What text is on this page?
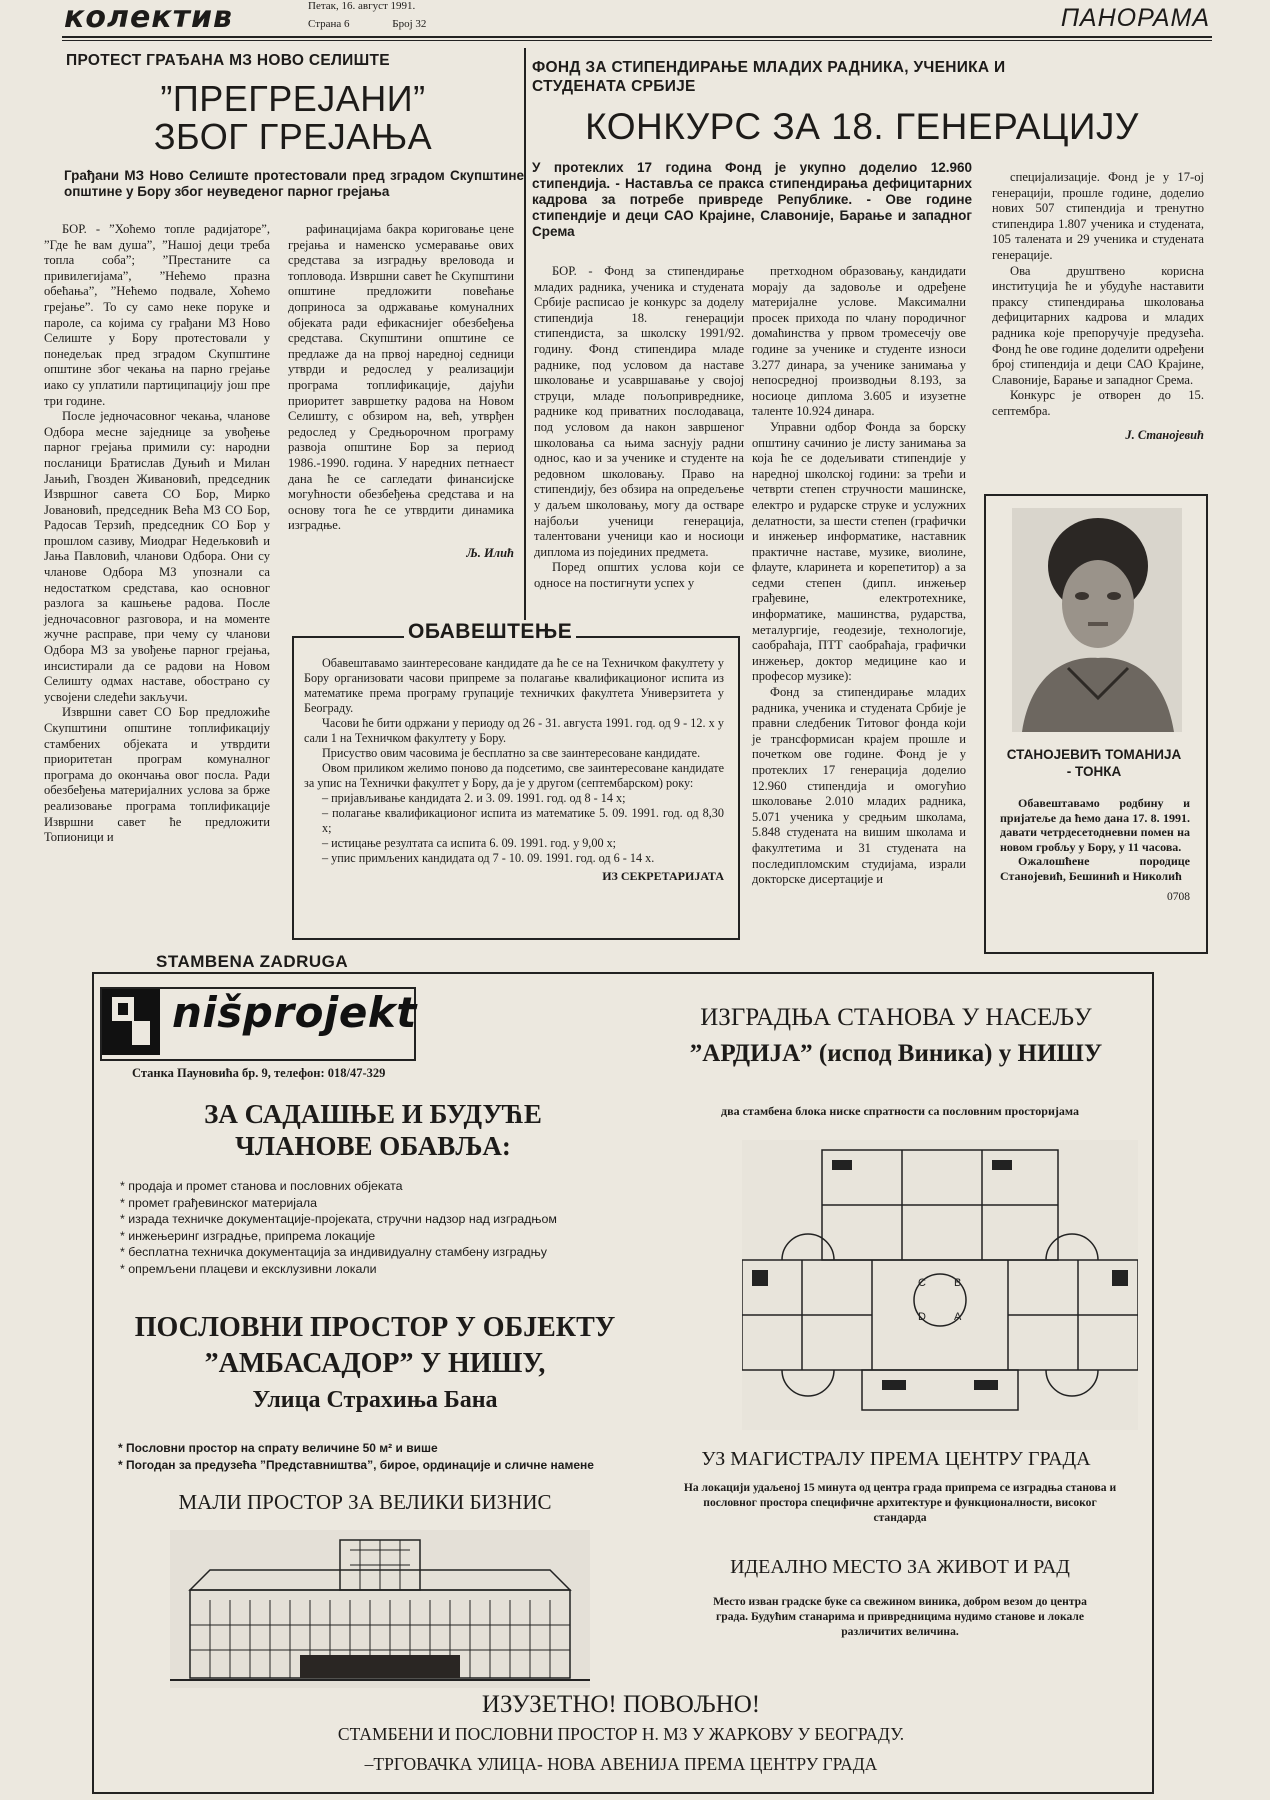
колектив	Петак, 16. август 1991.
Страна 6	Број 32	ПАНОРАМА
ПРОТЕСТ ГРАЂАНА МЗ НОВО СЕЛИШТЕ
”ПРЕГРЕЈАНИ”
ЗБОГ ГРЕЈАЊА
Грађани МЗ Ново Селиште протестовали пред зградом Скупштине општине у Бору због неуведеног парног грејања

БОР. - ”Хоћемо топле радијаторе”, ”Где ће вам душа”, ”Нашој деци треба топла соба”; ”Престаните са привилегијама”, ”Нећемо празна обећања”, ”Нећемо подвале, Хоћемо грејање”. То су само неке поруке и пароле, са којима су грађани МЗ Ново Селиште у Бору протестовали у понедељак пред зградом Скупштине општине због чекања на парно грејање иако су уплатили партиципацију још пре три године.

После једночасовног чекања, члановe Одбора месне заједнице за увођење парног грејања примили су: народни посланици Братислав Дуњић и Милан Јањић, Гвозден Живановић, председник Извршног савета СО Бор, Мирко Јовановић, председник Већа МЗ СО Бор, Радосав Терзић, председник СО Бор у прошлом сазиву, Миодраг Нeдељковић и Јања Павловић, чланови Одбора. Они су чланове Одбора МЗ упознали са недостатком средстава, као основног разлога за кашњење радова. После једночасовног разговора, и на моменте жучне расправе, при чему су чланови Одбора МЗ за увођење парног грејања, инсистирали да се радови на Новом Селишту одмах наставе, обострано су усвојени следећи закључи.

Извршни савет СО Бор предложиће Скупштини општине топлификацију стамбених објеката и утврдити приоритетан програм комуналног програма до окончања овог посла. Ради обезбеђења материјалних услова за брже реализовање програма топлификације Извршни савет ће предложити Топионици и

рафинацијама бакра кориговање цене грејања и наменско усмеравање ових средстава за изградњу вреловода и топловода. Извршни савет ће Скупштини општине предложити повећање доприноса за одржавање комуналних објеката ради ефикаснијег обезбеђења средстава. Скупштини општине се предлаже да на првој наредној седници утврди и редослед у реализацији програма топлификације, дајући приоритет завршетку радова на Новом Селишту, с обзиром на, већ, утврђен редослед у Средњорочном програму развоја општине Бор за период 1986.-1990. година. У наредних петнаест дана ће се сагледати финансијске могућности обезбеђења средстава и на основу тога ће се утврдити динамика изградње.

Љ. Илић
ФОНД ЗА СТИПЕНДИРАЊЕ МЛАДИХ РАДНИКА, УЧЕНИКА И СТУДЕНАТА СРБИЈЕ
КОНКУРС ЗА 18. ГЕНЕРАЦИЈУ
У протеклих 17 година Фонд је укупно доделио 12.960 стипендија. - Наставља се пракса стипендирања дефицитарних кадрова за потребе привреде Републике. - Ове године стипендије и деци САО Крајине, Славоније, Барање и западног Срема

БОР. - Фонд за стипендирање младих радника, ученика и студената Србије расписао је конкурс за доделу стипендија 18. генерацији стипендиста, за школску 1991/92. годину. Фонд стипендира младе раднике, под условом да наставе школовање и усавршавање у својој струци, младе пољопривреднике, раднике код приватних послодаваца, под условом да након завршеног школовања са њима заснују радни однос, као и за ученике и студенте на редовном школовању. Право на стипендију, без обзира на опредељење у даљем школовању, могу да остваре најбољи ученици генерација, талентовани ученици као и носиоци диплома из појединих предмета.

Поред општих услова који се односе на постигнути успех у

претходном образовању, кандидати морају да задовоље и одређене материјалне услове. Максимални просек прихода по члану породичног домаћинства у првом тромесечју ове године за ученике и студенте износи 3.277 динара, за ученике занимања у непосредној производњи 8.193, за носиоце диплома 3.605 и изузетне таленте 10.924 динара.

Управни одбор Фонда за борску општину сачинио је листу занимања за која ће се додељивати стипендије у наредној школској години: за трећи и четврти степен стручности машинске, електро и рударске струке и услужних делатности, за шести степен (графички и инжењер информатике, наставник практичне наставе, музике, виолине, флауте, кларинета и корепетитор) а за седми степен (дипл. инжењер грађевине, електротехнике, информатике, машинства, рударства, металургије, геодезије, технологије, саобраћаја, ПТТ саобраћаја, графички инжењер, доктор медицине као и професор музике):

Фонд за стипендирање младих радника, ученика и студената Србије је правни следбеник Титовог фонда који је трансформисан крајем прошле и почетком ове године. Фонд је у протеклих 17 генерација доделио 12.960 стипендија и омогућио школовање 2.010 младих радника, 5.071 ученика у средњим школама, 5.848 студената на вишим школама и факултетима и 31 студената на последипломским студијама, израли докторске дисертације и

специјализације. Фонд је у 17-ој генерацији, прошле године, доделио нових 507 стипендија и тренутно стипендира 1.807 ученика и студената, 105 талената и 29 ученика и студената генерације.

Ова друштвено корисна институција ће и убудуће наставити праксу стипендирања школовања дефицитарних кадрова и младих радника које препоручује предузећа. Фонд ће ове године доделити одређени број стипендија и деци САО Крајине, Славоније, Барање и западног Срема.

Конкурс је отворен до 15. септембра.

Ј. Станојевић
ОБАВЕШТЕЊЕ

Обавештавамо заинтересоване кандидате да ће се на Техничком факултету у Бору организовати часови припреме за полагање квалификационог испита из математике према програму групације техничких факултета Универзитета у Београду.

Часови ће бити одржани у периоду од 26 - 31. августа 1991. год. од 9 - 12. х у сали 1 на Техничком факултету у Бору.

Присуство овим часовима је бесплатно за све заинтересоване кандидате.

Овом приликом желимо поново да подсетимо, све заинтересоване кандидате за упис на Технички факултет у Бору, да је у другом (септембарском) року:

– пријављивање кандидата 2. и 3. 09. 1991. год. од 8 - 14 х;

– полагање квалификационог испита из математике 5. 09. 1991. год. од 8,30 х;

– истицање резултата са испита 6. 09. 1991. год. у 9,00 х;

– упис примљених кандидата од 7 - 10. 09. 1991. год. од 6 - 14 х.

ИЗ СЕКРЕТАРИЈАТА
СТАНОЈЕВИЋ ТОМАНИЈА
- ТОНКА

Обавештавамо родбину и пријатеље да ћемо дана 17. 8. 1991. давати четрдесетодневни помен на новом гробљу у Бору, у 11 часова.

Ожалошћене породице Станојевић, Бешинић и Николић

0708
STAMBENA ZADRUGA
nišprojekt
Станка Пауновића бр. 9, телефон: 018/47-329
ЗА САДАШЊЕ И БУДУЋЕ
ЧЛАНОВЕ ОБАВЉА:
* продаја и промет станова и пословних објеката
* промет грађевинског материјала
* израда техничке документације-пројеката, стручни надзор над изградњом
* инжењеринг изградње, припрема локације
* бесплатна техничка документација за индивидуалну стамбену изградњу
* опремљени плацеви и ексклузивни локали
ПОСЛОВНИ ПРОСТОР У ОБЈЕКТУ
”АМБАСАДОР” У НИШУ,
Улица Страхиња Бана
* Пословни простор на спрату величине 50 м² и више
* Погодан за предузећа ”Представништва”, бирое, ординације и сличне намене
МАЛИ ПРОСТОР ЗА ВЕЛИКИ БИЗНИС
ИЗГРАДЊА СТАНОВА У НАСЕЉУ
”АРДИЈА” (испод Виника) у НИШУ
два стамбена блока ниске спратности са пословним просторијама
C	B
D	A
УЗ МАГИСТРАЛУ ПРЕМА ЦЕНТРУ ГРАДА
На локацији удаљеној 15 минута од центра града припрема се изградња станова и пословног простора специфичне архитектуре и функционалности, високог стандарда
ИДЕАЛНО МЕСТО ЗА ЖИВОТ И РАД
Место изван градске буке са свежином виника, добром везом до центра града. Будућим станарима и привредницима нудимо станове и локале различитих величина.
ИЗУЗЕТНО! ПОВОЉНО!
СТАМБЕНИ И ПОСЛОВНИ ПРОСТОР Н. МЗ У ЖАРКОВУ У БЕОГРАДУ.
–ТРГОВАЧКА УЛИЦА- НОВА АВЕНИЈА ПРЕМА ЦЕНТРУ ГРАДА
